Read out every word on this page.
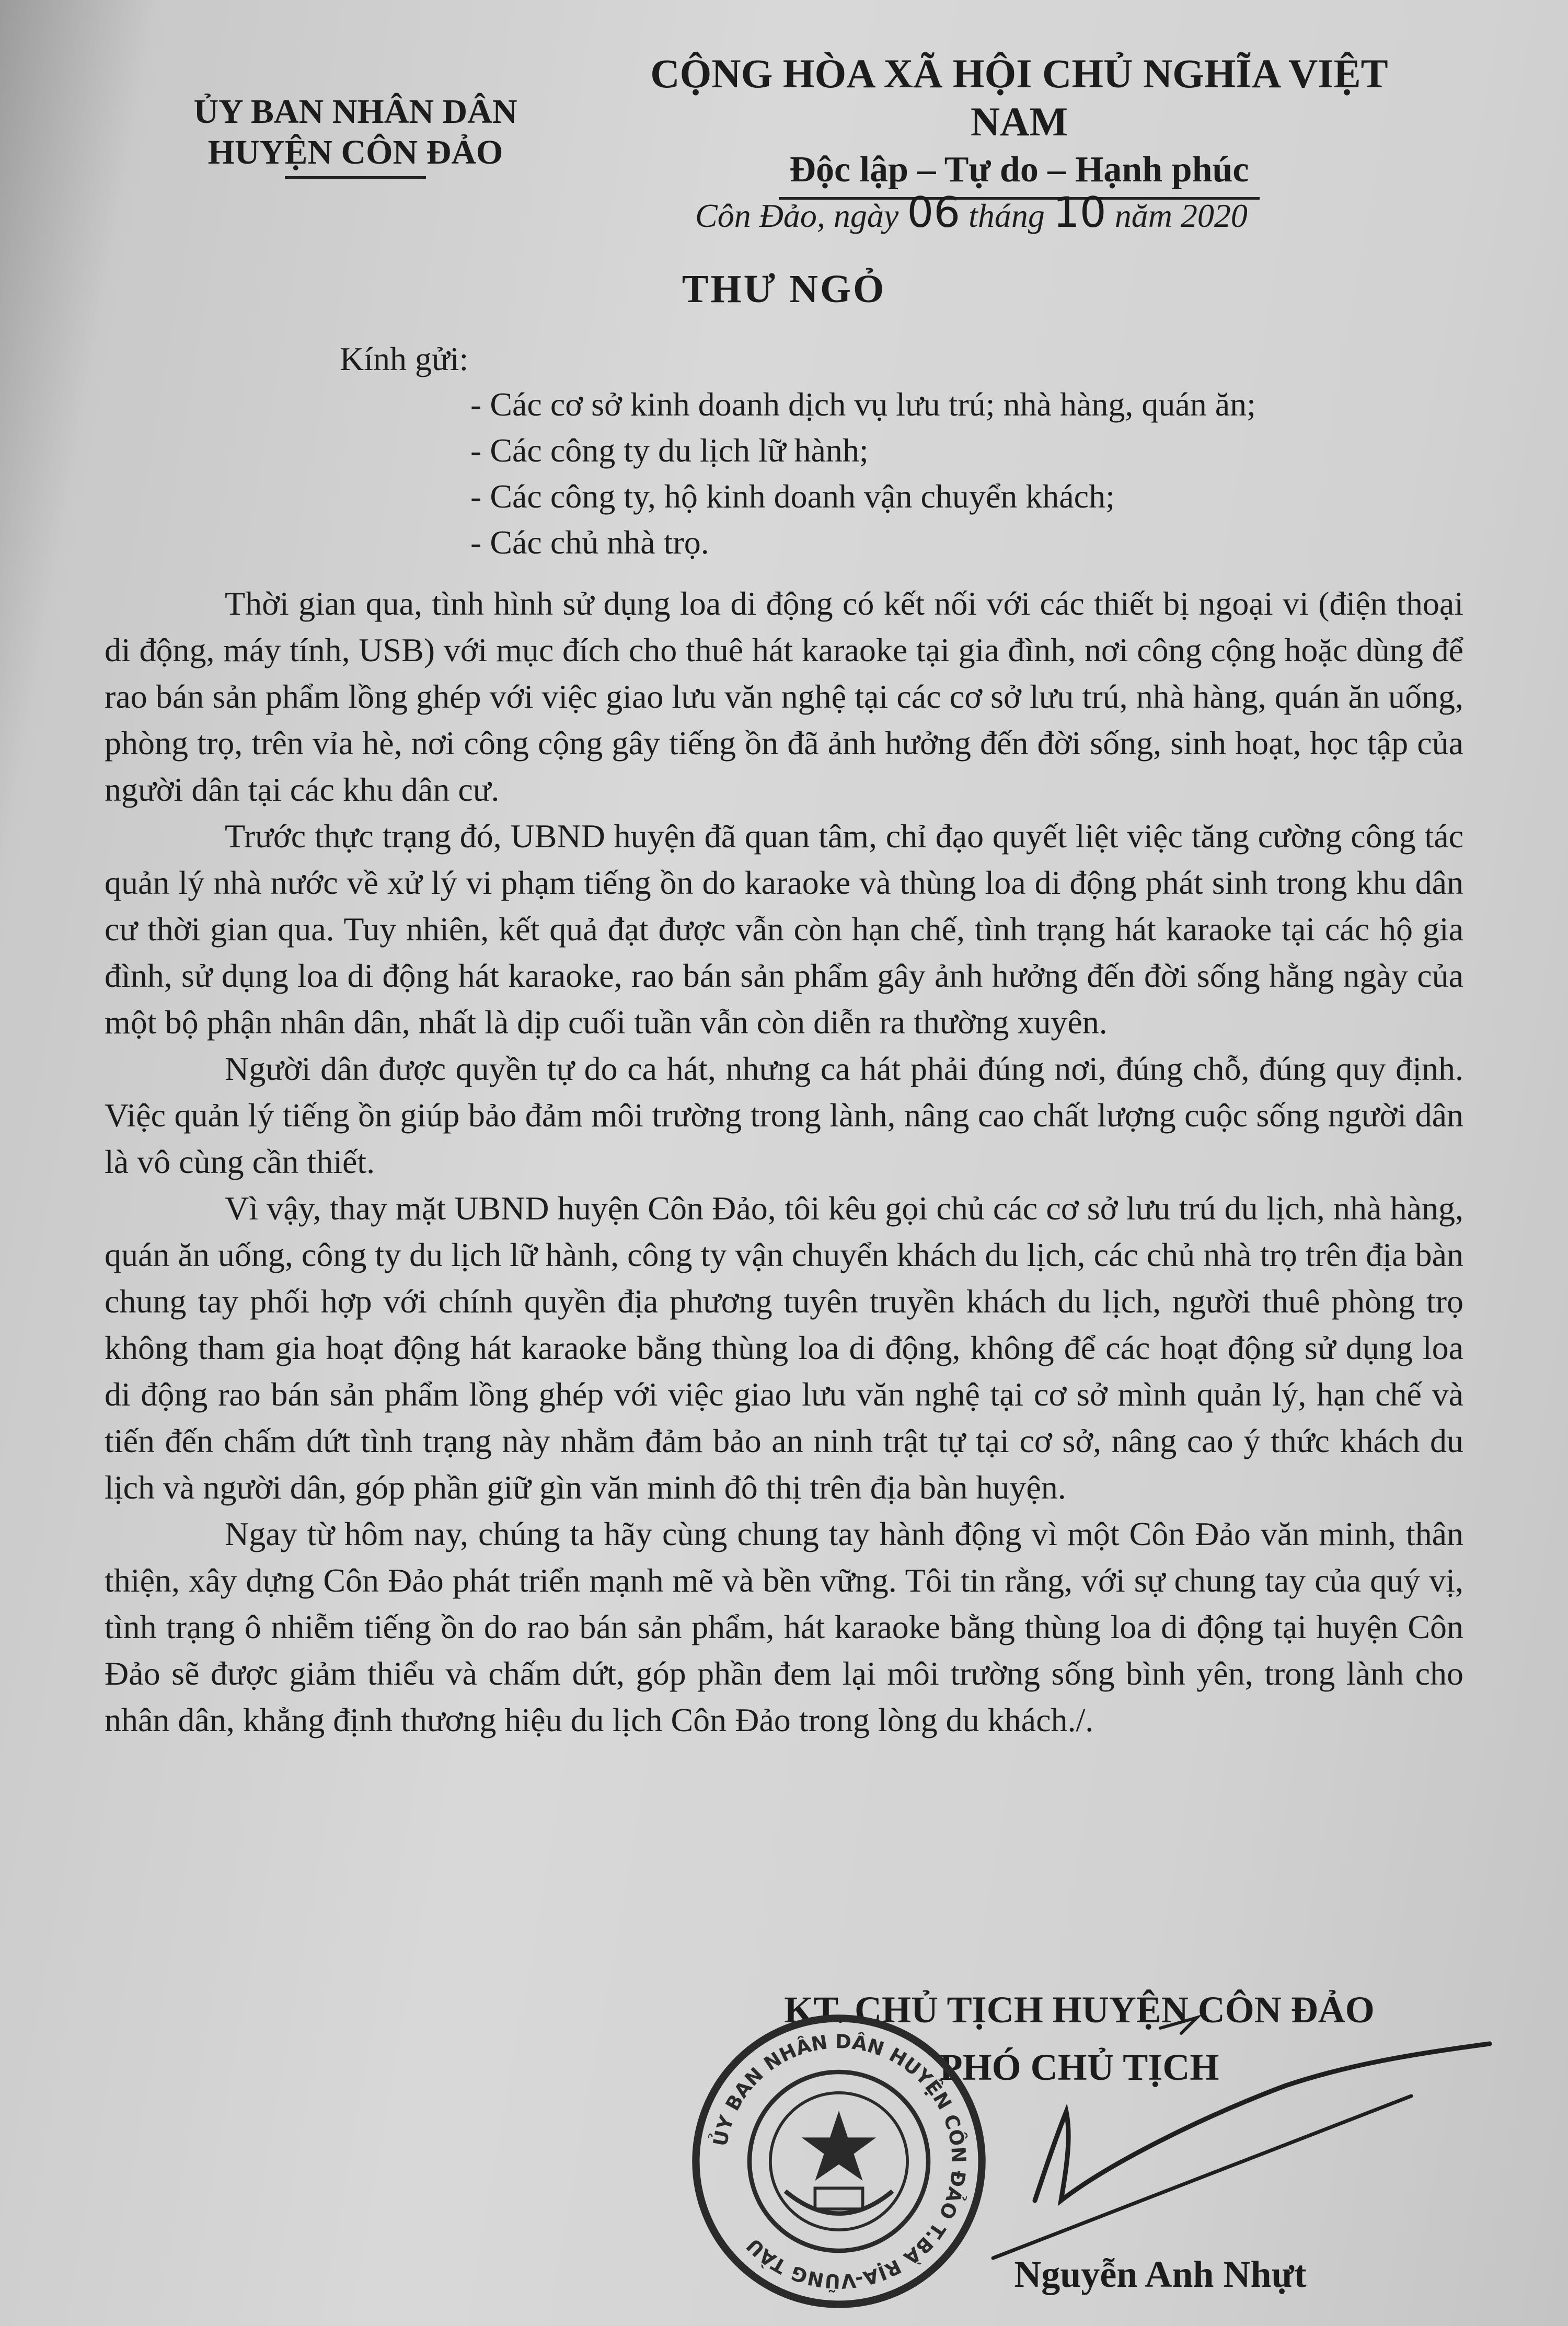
ỦY BAN NHÂN DÂN
HUYỆN CÔN ĐẢO
CỘNG HÒA XÃ HỘI CHỦ NGHĨA VIỆT NAM
Độc lập – Tự do – Hạnh phúc
Côn Đảo, ngày 06 tháng 10 năm 2020
THƯ NGỎ
Kính gửi:
- Các cơ sở kinh doanh dịch vụ lưu trú; nhà hàng, quán ăn;
- Các công ty du lịch lữ hành;
- Các công ty, hộ kinh doanh vận chuyển khách;
- Các chủ nhà trọ.

Thời gian qua, tình hình sử dụng loa di động có kết nối với các thiết bị ngoại vi (điện thoại di động, máy tính, USB) với mục đích cho thuê hát karaoke tại gia đình, nơi công cộng hoặc dùng để rao bán sản phẩm lồng ghép với việc giao lưu văn nghệ tại các cơ sở lưu trú, nhà hàng, quán ăn uống, phòng trọ, trên vỉa hè, nơi công cộng gây tiếng ồn đã ảnh hưởng đến đời sống, sinh hoạt, học tập của người dân tại các khu dân cư.

Trước thực trạng đó, UBND huyện đã quan tâm, chỉ đạo quyết liệt việc tăng cường công tác quản lý nhà nước về xử lý vi phạm tiếng ồn do karaoke và thùng loa di động phát sinh trong khu dân cư thời gian qua. Tuy nhiên, kết quả đạt được vẫn còn hạn chế, tình trạng hát karaoke tại các hộ gia đình, sử dụng loa di động hát karaoke, rao bán sản phẩm gây ảnh hưởng đến đời sống hằng ngày của một bộ phận nhân dân, nhất là dịp cuối tuần vẫn còn diễn ra thường xuyên.

Người dân được quyền tự do ca hát, nhưng ca hát phải đúng nơi, đúng chỗ, đúng quy định. Việc quản lý tiếng ồn giúp bảo đảm môi trường trong lành, nâng cao chất lượng cuộc sống người dân là vô cùng cần thiết.

Vì vậy, thay mặt UBND huyện Côn Đảo, tôi kêu gọi chủ các cơ sở lưu trú du lịch, nhà hàng, quán ăn uống, công ty du lịch lữ hành, công ty vận chuyển khách du lịch, các chủ nhà trọ trên địa bàn chung tay phối hợp với chính quyền địa phương tuyên truyền khách du lịch, người thuê phòng trọ không tham gia hoạt động hát karaoke bằng thùng loa di động, không để các hoạt động sử dụng loa di động rao bán sản phẩm lồng ghép với việc giao lưu văn nghệ tại cơ sở mình quản lý, hạn chế và tiến đến chấm dứt tình trạng này nhằm đảm bảo an ninh trật tự tại cơ sở, nâng cao ý thức khách du lịch và người dân, góp phần giữ gìn văn minh đô thị trên địa bàn huyện.

Ngay từ hôm nay, chúng ta hãy cùng chung tay hành động vì một Côn Đảo văn minh, thân thiện, xây dựng Côn Đảo phát triển mạnh mẽ và bền vững. Tôi tin rằng, với sự chung tay của quý vị, tình trạng ô nhiễm tiếng ồn do rao bán sản phẩm, hát karaoke bằng thùng loa di động tại huyện Côn Đảo sẽ được giảm thiểu và chấm dứt, góp phần đem lại môi trường sống bình yên, trong lành cho nhân dân, khẳng định thương hiệu du lịch Côn Đảo trong lòng du khách./.

KT. CHỦ TỊCH HUYỆN CÔN ĐẢO
PHÓ CHỦ TỊCH
ỦY BAN NHÂN DÂN HUYỆN CÔN ĐẢO T.BÀ RỊA-VŨNG TÀU
Nguyễn Anh Nhựt
